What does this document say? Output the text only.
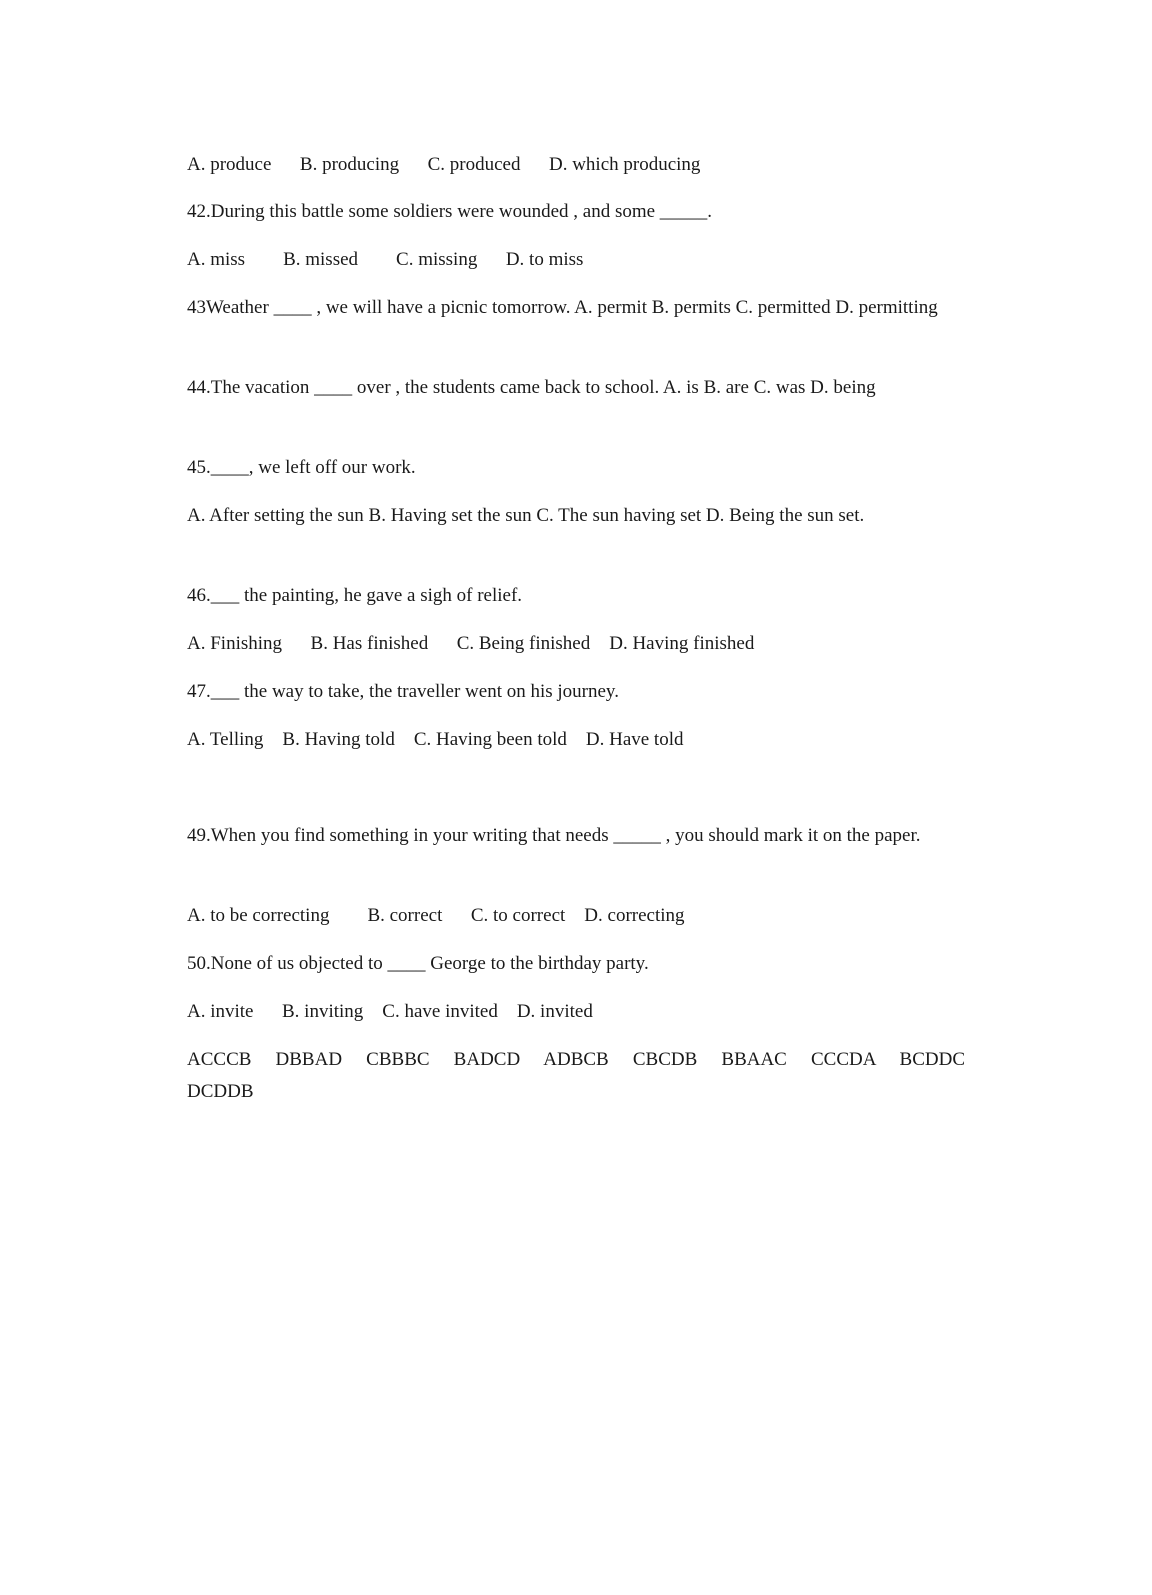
A. produce      B. producing      C. produced      D. which producing
42.During this battle some soldiers were wounded , and some _____.
A. miss        B. missed        C. missing      D. to miss
43Weather ____ , we will have a picnic tomorrow. A. permit B. permits C. permitted D. permitting
44.The vacation ____ over , the students came back to school. A. is B. are C. was D. being
45.____, we left off our work.
A. After setting the sun B. Having set the sun C. The sun having set D. Being the sun set.
46.___ the painting, he gave a sigh of relief.
A. Finishing      B. Has finished      C. Being finished    D. Having finished
47.___ the way to take, the traveller went on his journey.
A. Telling    B. Having told    C. Having been told    D. Have told
49.When you find something in your writing that needs _____ , you should mark it on the paper.
A. to be correcting        B. correct      C. to correct    D. correcting
50.None of us objected to ____ George to the birthday party.
A. invite      B. inviting    C. have invited    D. invited
ACCCB DBBAD CBBBC BADCD ADBCB CBCDB BBAAC CCCDA BCDDC DCDDB
